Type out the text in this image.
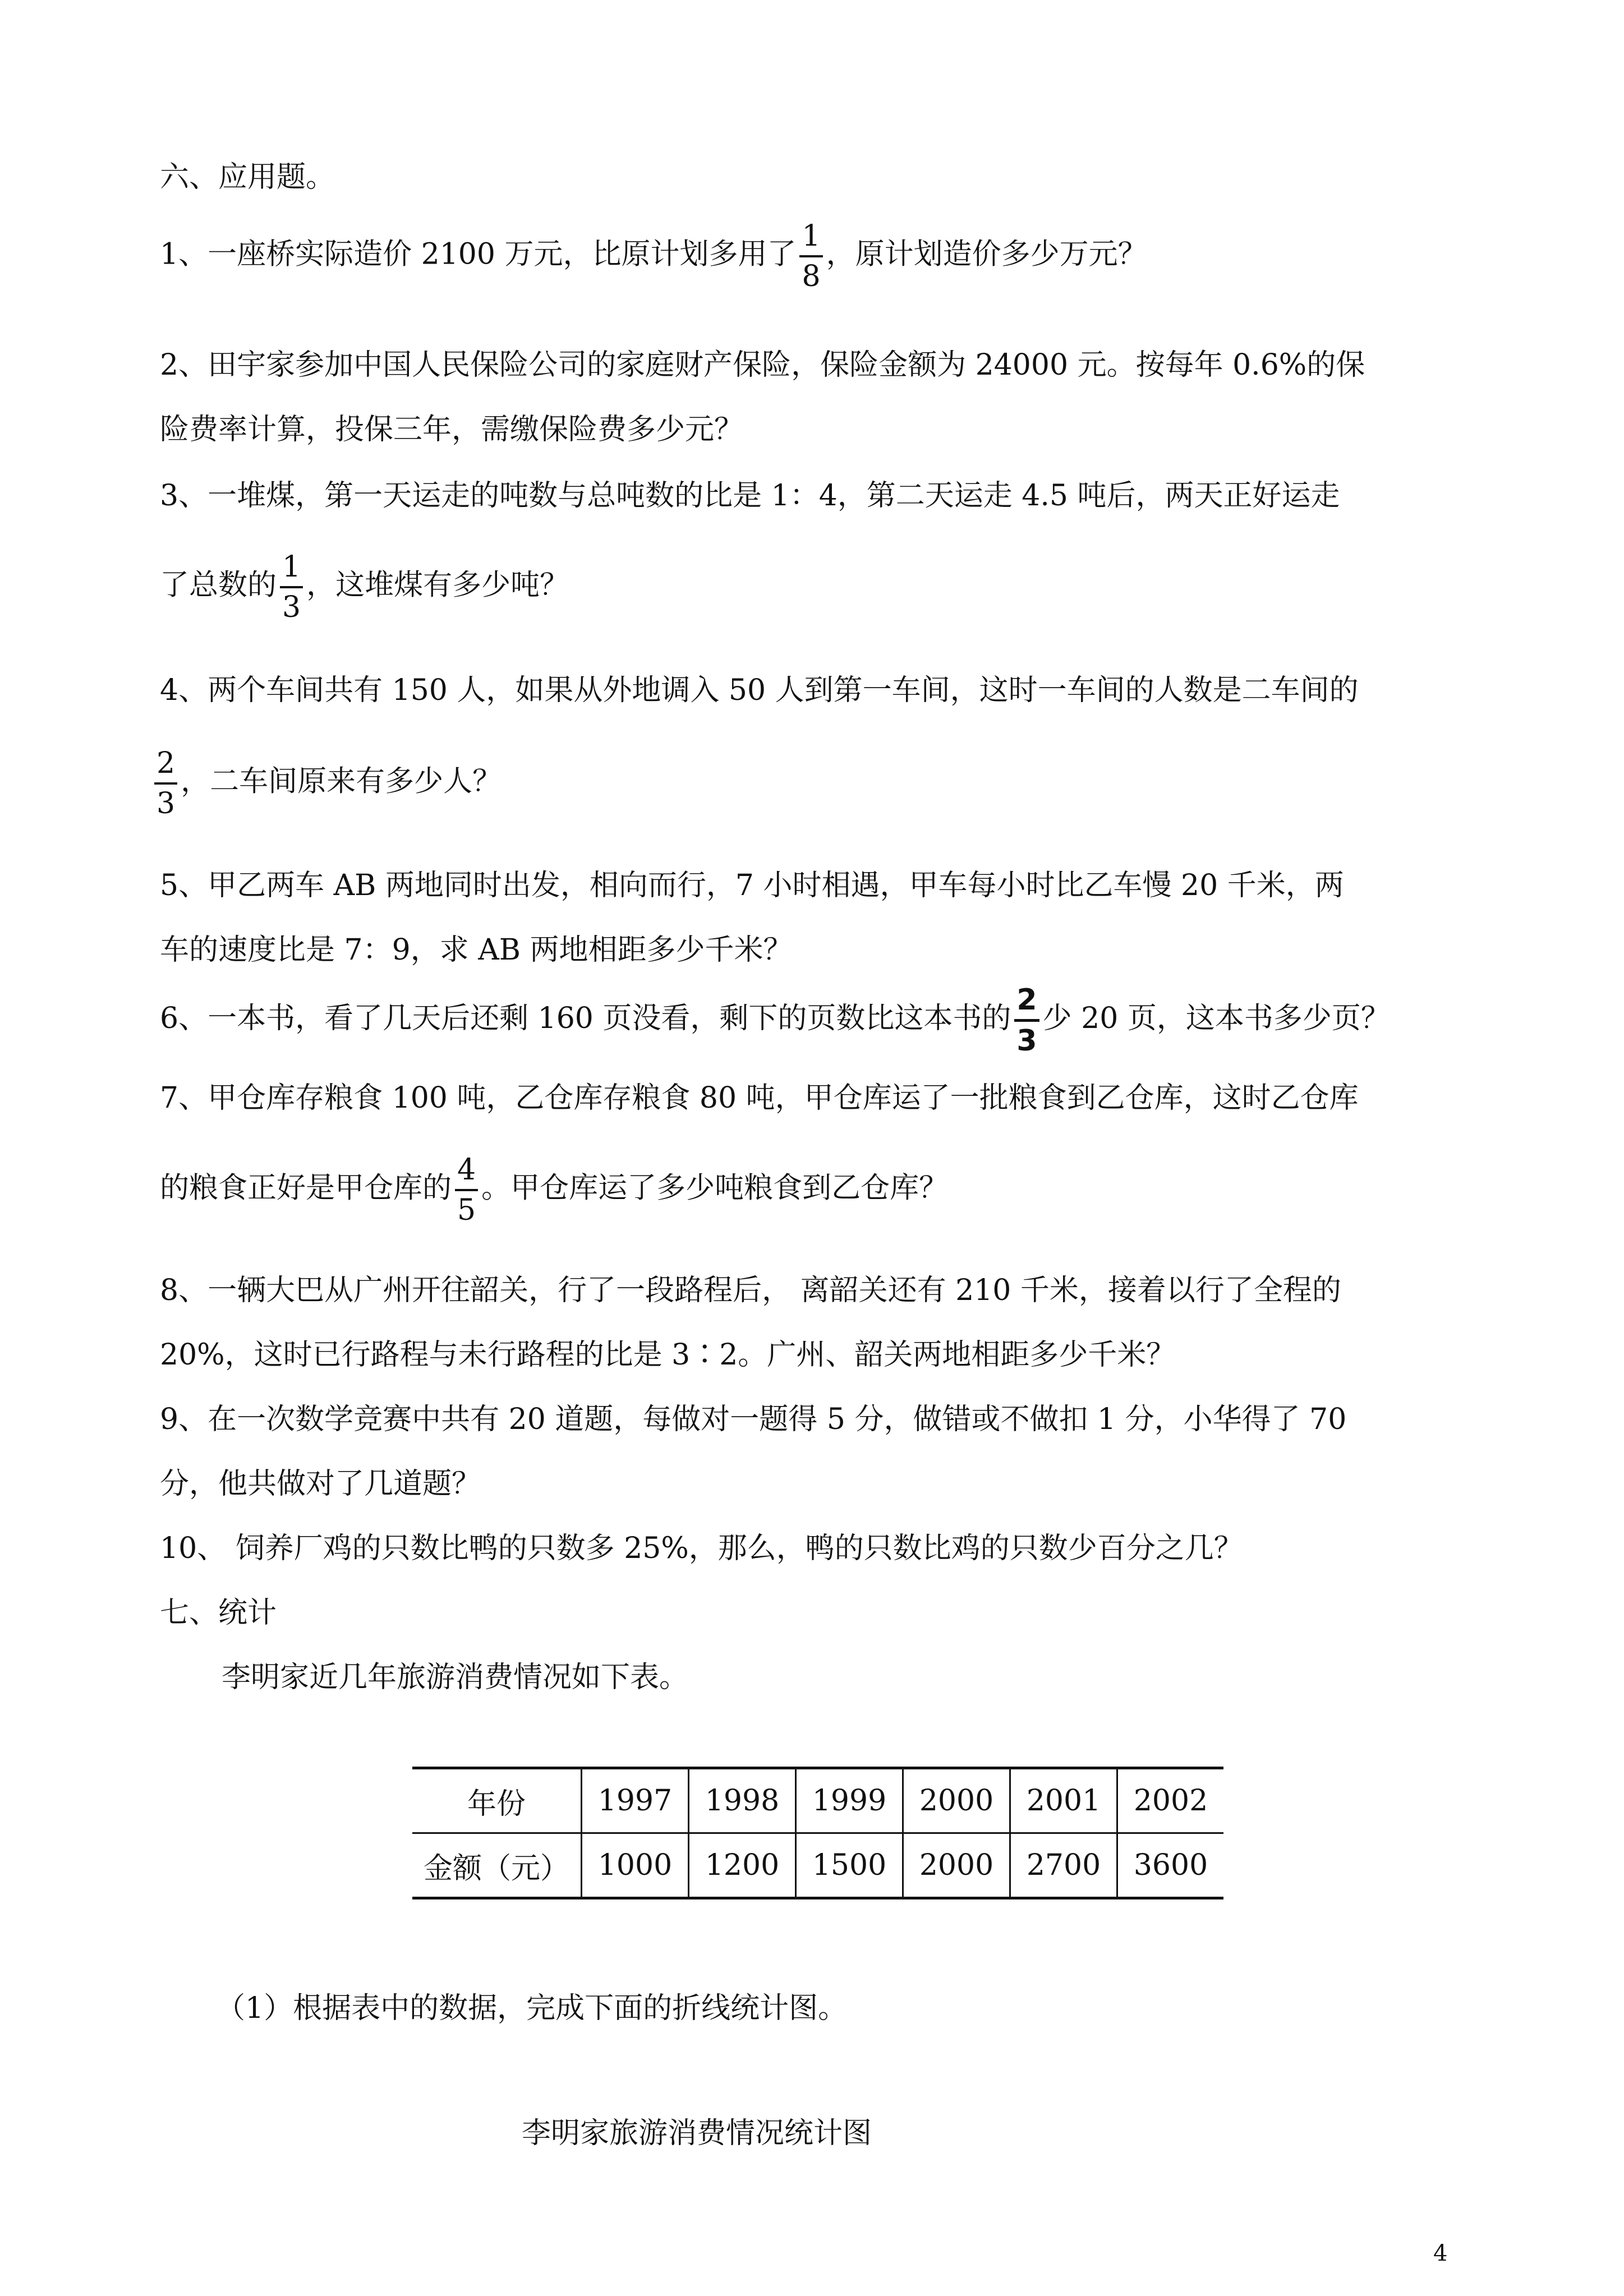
六、应用题。
1、一座桥实际造价 2100 万元，比原计划多用了 $\frac{1}{8}$ ，原计划造价多少万元？
2、田宇家参加中国人民保险公司的家庭财产保险，保险金额为 24000 元。按每年 0.6%的保
险费率计算，投保三年，需缴保险费多少元？
3、一堆煤，第一天运走的吨数与总吨数的比是 1：4，第二天运走 4.5 吨后，两天正好运走
了总数的 $\frac{1}{3}$ ，这堆煤有多少吨？
4、两个车间共有 150 人，如果从外地调入 50 人到第一车间，这时一车间的人数是二车间的
$\frac{2}{3}$ ，二车间原来有多少人？
5、甲乙两车 AB 两地同时出发，相向而行，7 小时相遇，甲车每小时比乙车慢 20 千米，两
车的速度比是 7：9，求 AB 两地相距多少千米？
6、一本书，看了几天后还剩 160 页没看，剩下的页数比这本书的 $\frac{2}{3}$ 少 20 页，这本书多少页？
7、甲仓库存粮食 100 吨，乙仓库存粮食 80 吨，甲仓库运了一批粮食到乙仓库，这时乙仓库
的粮食正好是甲仓库的 $\frac{4}{5}$ 。甲仓库运了多少吨粮食到乙仓库？
8、一辆大巴从广州开往韶关，行了一段路程后， 离韶关还有 210 千米，接着以行了全程的
20%，这时已行路程与未行路程的比是 3∶2。广州、韶关两地相距多少千米？
9、在一次数学竞赛中共有 20 道题，每做对一题得 5 分，做错或不做扣 1 分，小华得了 70
分，他共做对了几道题？
10、 饲养厂鸡的只数比鸭的只数多 25%，那么，鸭的只数比鸡的只数少百分之几？
七、统计
李明家近几年旅游消费情况如下表。
年份	1997	1998	1999	2000	2001	2002
金额（元）	1000	1200	1500	2000	2700	3600
（1）根据表中的数据，完成下面的折线统计图。
李明家旅游消费情况统计图
4
